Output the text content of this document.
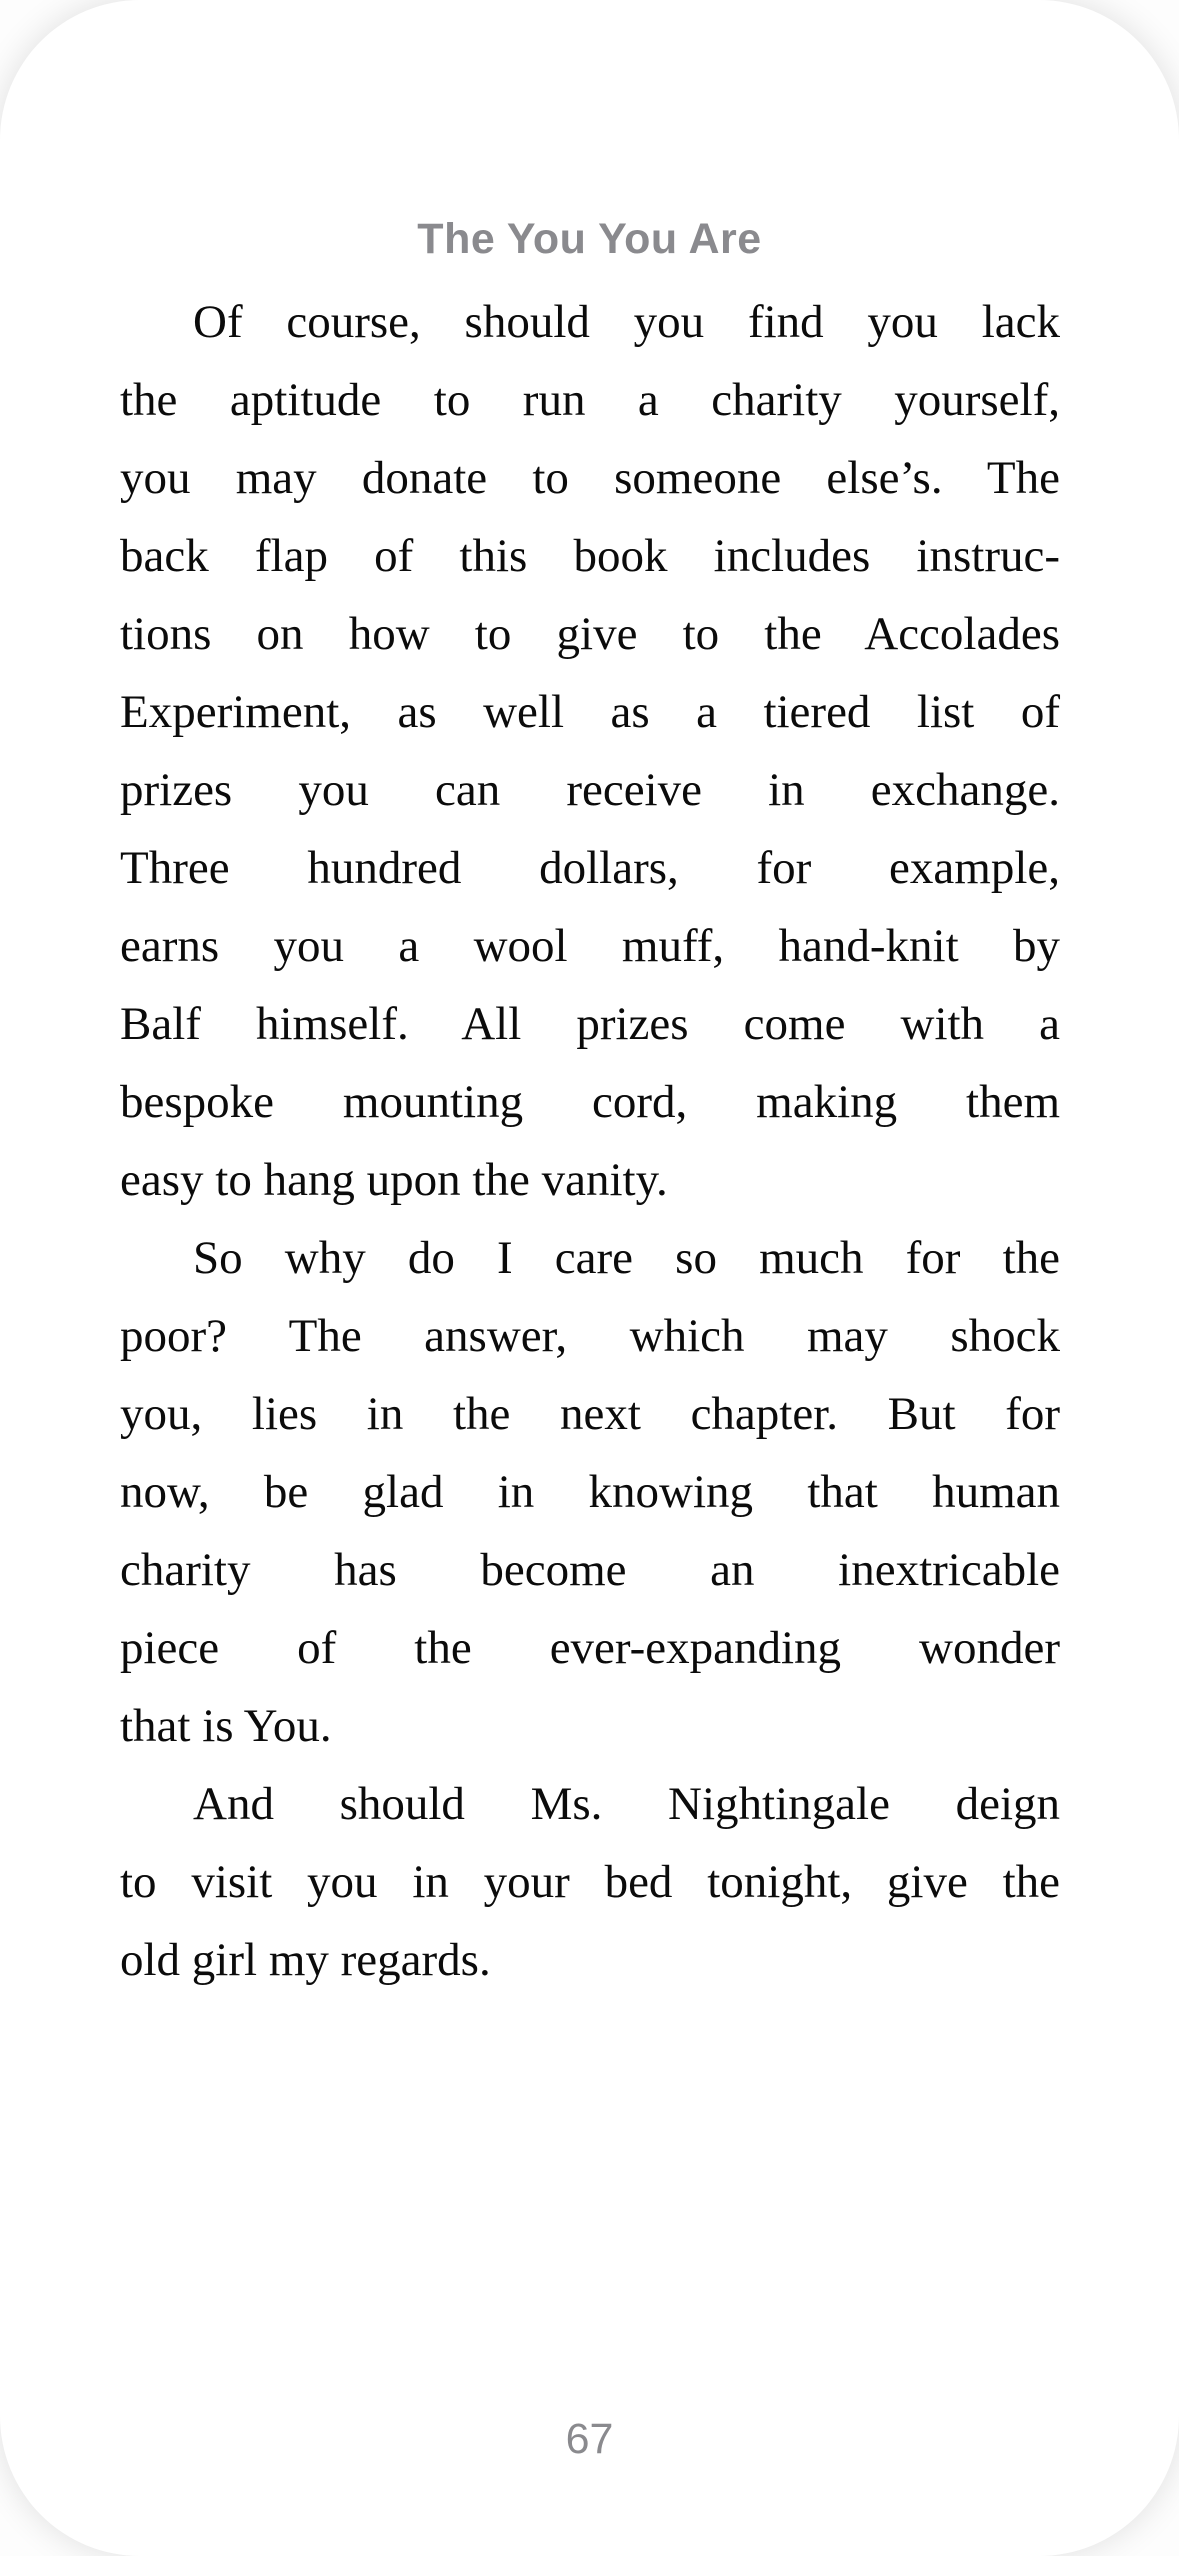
The You You Are
Of course, should you find you lack
the aptitude to run a charity yourself,
you may donate to someone else’s. The
back flap of this book includes instruc-
tions on how to give to the Accolades
Experiment, as well as a tiered list of
prizes you can receive in exchange.
Three hundred dollars, for example,
earns you a wool muff, hand-knit by
Balf himself. All prizes come with a
bespoke mounting cord, making them
easy to hang upon the vanity.
So why do I care so much for the
poor? The answer, which may shock
you, lies in the next chapter. But for
now, be glad in knowing that human
charity has become an inextricable
piece of the ever-expanding wonder
that is You.
And should Ms. Nightingale deign
to visit you in your bed tonight, give the
old girl my regards.
67
